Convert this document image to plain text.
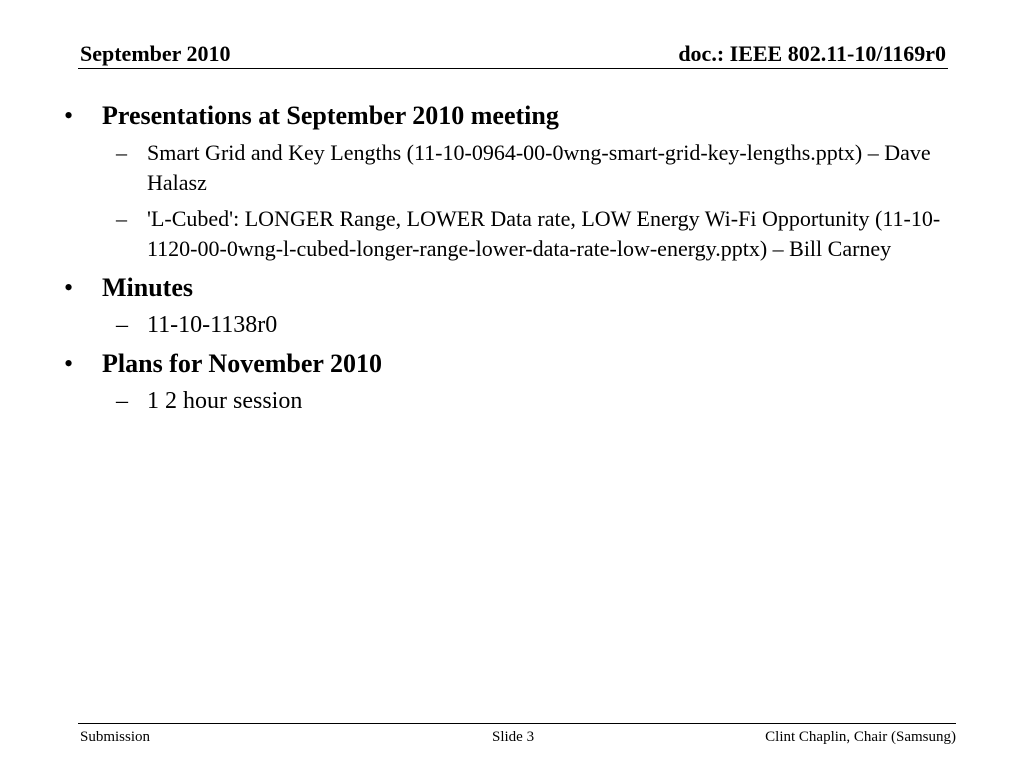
September 2010	doc.: IEEE 802.11-10/1169r0
• Presentations at September 2010 meeting
– Smart Grid and Key Lengths (11-10-0964-00-0wng-smart-grid-key-lengths.pptx) – Dave Halasz
– 'L-Cubed': LONGER Range, LOWER Data rate, LOW Energy Wi-Fi Opportunity (11-10-1120-00-0wng-l-cubed-longer-range-lower-data-rate-low-energy.pptx) – Bill Carney
• Minutes
– 11-10-1138r0
• Plans for November 2010
– 1 2 hour session
Submission	Slide 3	Clint Chaplin, Chair (Samsung)
